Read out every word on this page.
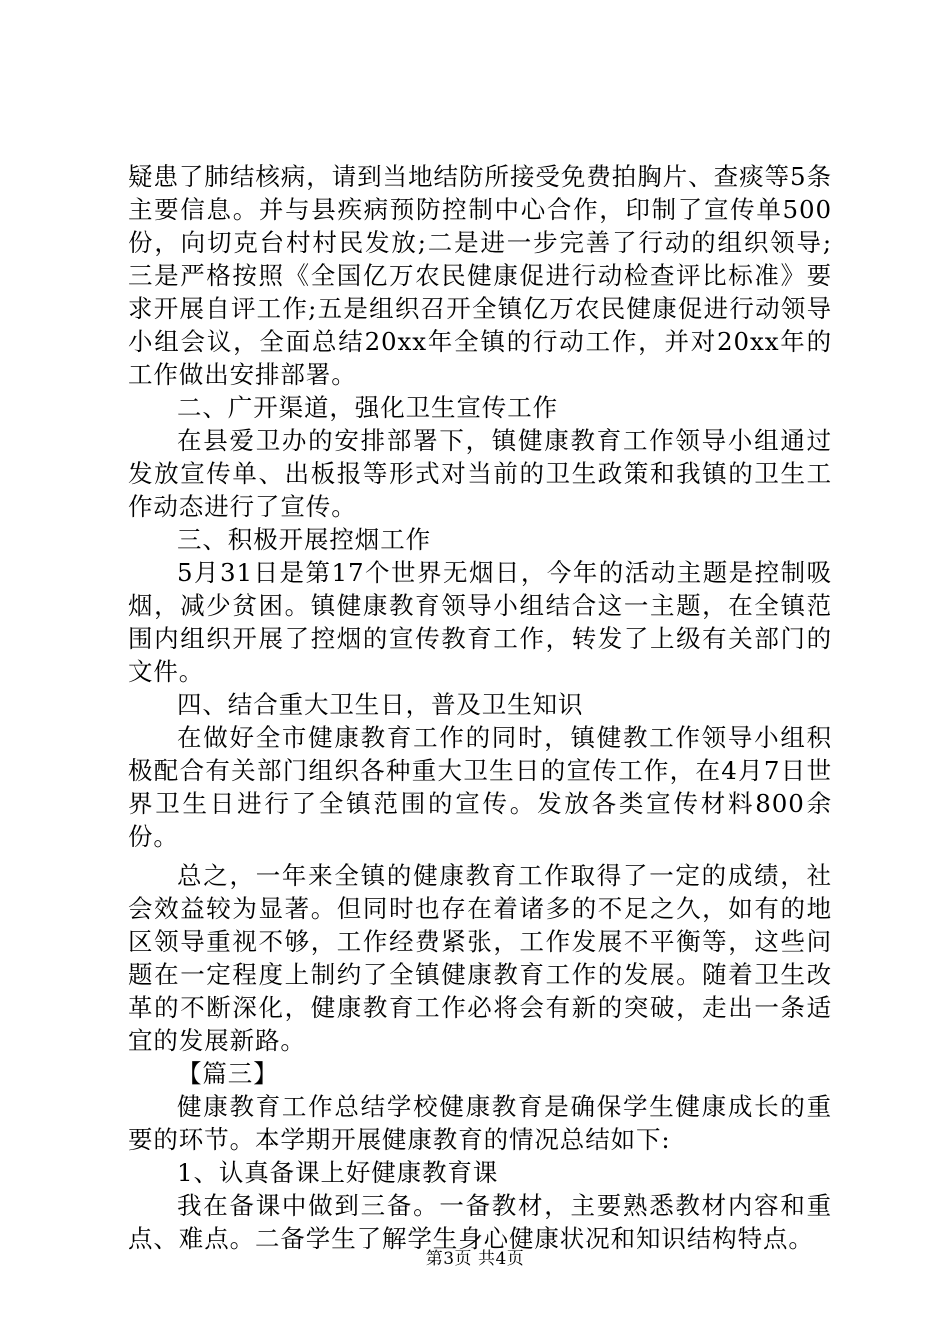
疑患了肺结核病，请到当地结防所接受免费拍胸片、查痰等5条主要信息。并与县疾病预防控制中心合作，印制了宣传单500份，向切克台村村民发放;二是进一步完善了行动的组织领导;三是严格按照《全国亿万农民健康促进行动检查评比标准》要求开展自评工作;五是组织召开全镇亿万农民健康促进行动领导小组会议，全面总结20xx年全镇的行动工作，并对20xx年的工作做出安排部署。

二、广开渠道，强化卫生宣传工作

在县爱卫办的安排部署下，镇健康教育工作领导小组通过发放宣传单、出板报等形式对当前的卫生政策和我镇的卫生工作动态进行了宣传。

三、积极开展控烟工作

5月31日是第17个世界无烟日，今年的活动主题是控制吸烟，减少贫困。镇健康教育领导小组结合这一主题，在全镇范围内组织开展了控烟的宣传教育工作，转发了上级有关部门的文件。

四、结合重大卫生日，普及卫生知识

在做好全市健康教育工作的同时，镇健教工作领导小组积极配合有关部门组织各种重大卫生日的宣传工作，在4月7日世界卫生日进行了全镇范围的宣传。发放各类宣传材料800余份。

总之，一年来全镇的健康教育工作取得了一定的成绩，社会效益较为显著。但同时也存在着诸多的不足之久，如有的地区领导重视不够，工作经费紧张，工作发展不平衡等，这些问题在一定程度上制约了全镇健康教育工作的发展。随着卫生改革的不断深化，健康教育工作必将会有新的突破，走出一条适宜的发展新路。

【篇三】

健康教育工作总结学校健康教育是确保学生健康成长的重要的环节。本学期开展健康教育的情况总结如下:

1、认真备课上好健康教育课

我在备课中做到三备。一备教材，主要熟悉教材内容和重点、难点。二备学生了解学生身心健康状况和知识结构特点。

第3页 共4页
